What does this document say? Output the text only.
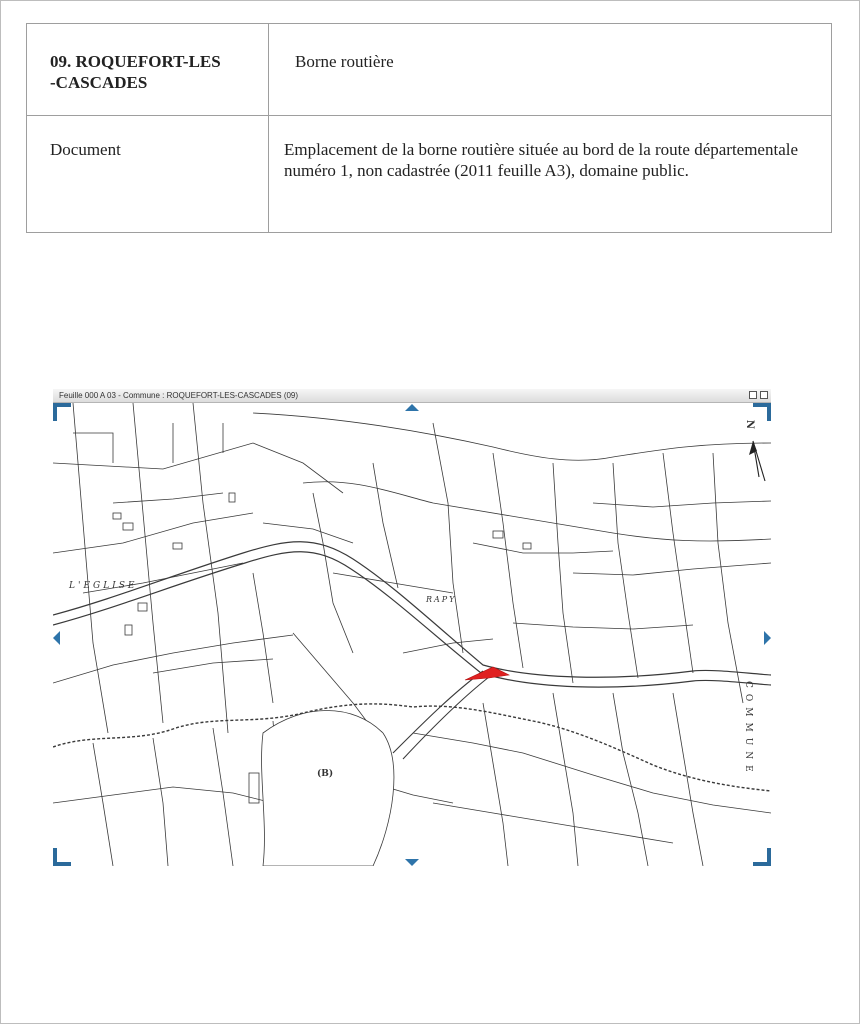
09. ROQUEFORT-LES
-CASCADES	Borne routière
Document	Emplacement de la borne routière située au bord de la route départementale numéro 1, non cadastrée (2011 feuille A3), domaine public.
Feuille 000 A 03 - Commune : ROQUEFORT-LES-CASCADES (09)
L'EGLISE
RAPY
(B)	COMMUNE
N
